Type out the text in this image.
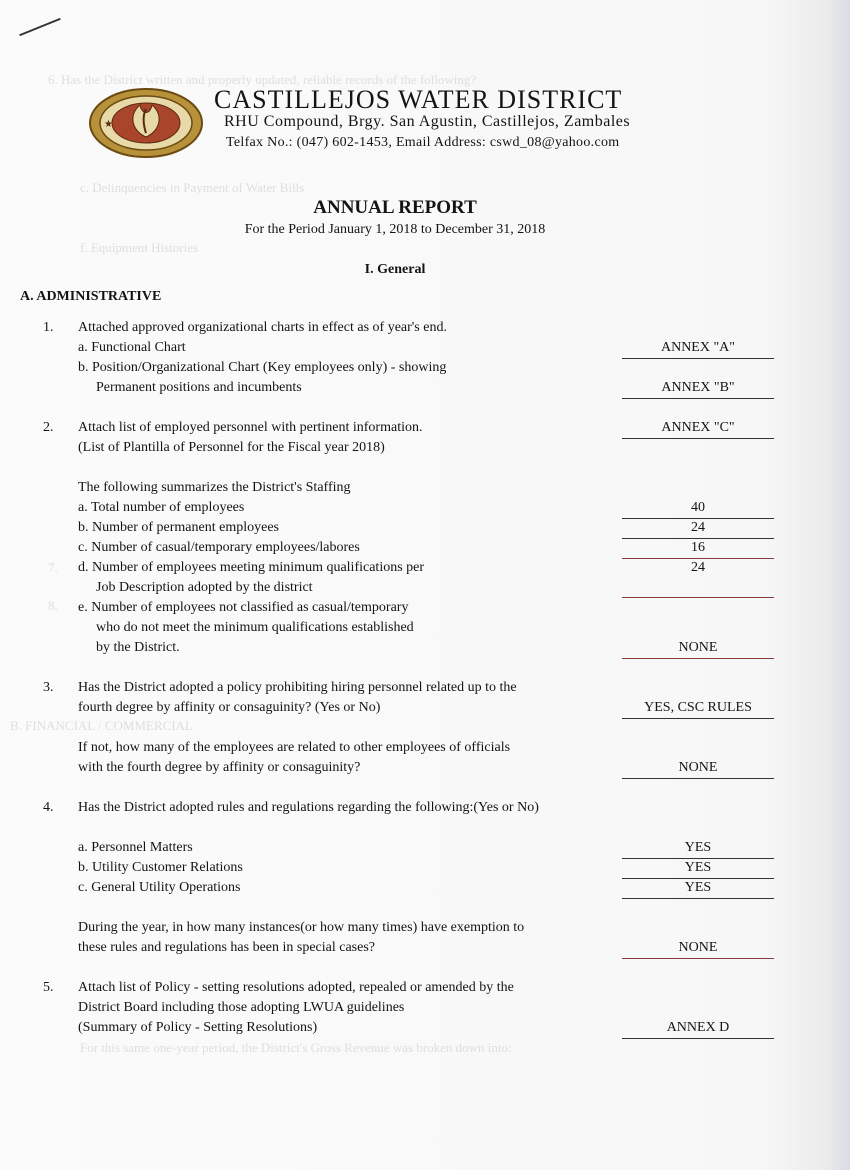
6. Has the District written and properly updated, reliable records of the following?
c. Delinquencies in Payment of Water Bills
f. Equipment Histories
7.
8.
B. FINANCIAL / COMMERCIAL
For this same one-year period, the District's Gross Revenue was broken down into:
★
CASTILLEJOS WATER DISTRICT
RHU Compound, Brgy. San Agustin, Castillejos, Zambales
Telfax No.: (047) 602-1453, Email Address: cswd_08@yahoo.com
ANNUAL REPORT
For the Period January 1, 2018 to December 31, 2018
I. General
A. ADMINISTRATIVE
1. Attached approved organizational charts in effect as of year's end.
a. Functional Chart	ANNEX "A"
b. Position/Organizational Chart (Key employees only) - showing
Permanent positions and incumbents	ANNEX "B"
2. Attach list of employed personnel with pertinent information.	ANNEX "C"
(List of Plantilla of Personnel for the Fiscal year 2018)
The following summarizes the District's Staffing
a. Total number of employees	40
b. Number of permanent employees	24
c. Number of casual/temporary employees/labores	16
d. Number of employees meeting minimum qualifications per	24
Job Description adopted by the district
e. Number of employees not classified as casual/temporary
who do not meet the minimum qualifications established
by the District.	NONE
3. Has the District adopted a policy prohibiting hiring personnel related up to the
fourth degree by affinity or consaguinity? (Yes or No)	YES, CSC RULES
If not, how many of the employees are related to other employees of officials
with the fourth degree by affinity or consaguinity?	NONE
4. Has the District adopted rules and regulations regarding the following:(Yes or No)
a. Personnel Matters	YES
b. Utility Customer Relations	YES
c. General Utility Operations	YES
During the year, in how many instances(or how many times) have exemption to
these rules and regulations has been in special cases?	NONE
5. Attach list of Policy - setting resolutions adopted, repealed or amended by the
District Board including those adopting LWUA guidelines
(Summary of Policy - Setting Resolutions)	ANNEX D
